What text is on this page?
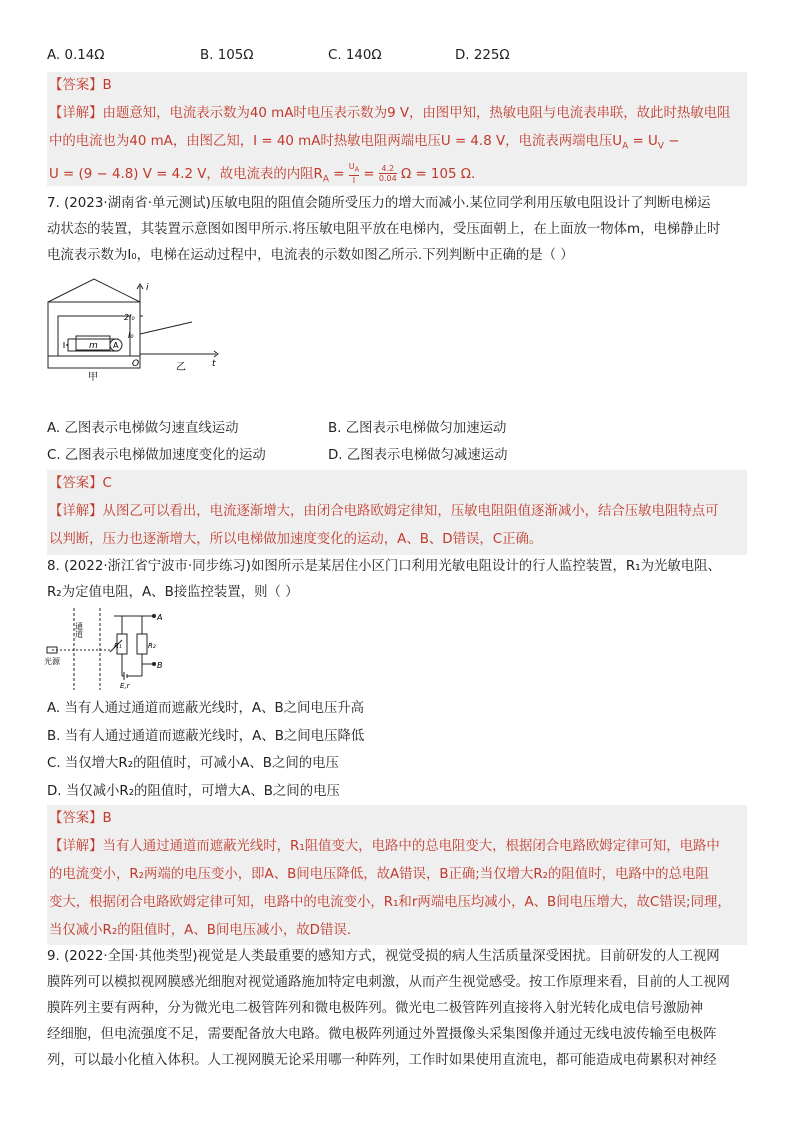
A. 0.14Ω	B. 105Ω	C. 140Ω	D. 225Ω
【答案】B
【详解】由题意知，电流表示数为40 mA时电压表示数为9 V，由图甲知，热敏电阻与电流表串联，故此时热敏电阻
中的电流也为40 mA，由图乙知，I = 40 mA时热敏电阻两端电压U = 4.8 V，电流表两端电压$U_A = U_V$ −
U = (9 − 4.8) V = 4.2 V，故电流表的内阻$R_A = \frac{U_A}{I} = \frac{4.2}{0.04}$ Ω = 105 Ω.
7. (2023·湖南省·单元测试)压敏电阻的阻值会随所受压力的增大而减小.某位同学利用压敏电阻设计了判断电梯运
动状态的装置，其装置示意图如图甲所示.将压敏电阻平放在电梯内，受压面朝上，在上面放一物体m，电梯静止时
电流表示数为I₀，电梯在运动过程中，电流表的示数如图乙所示.下列判断中正确的是（ ）
m A
甲
i
t
O
2I₀
I₀
乙
A. 乙图表示电梯做匀速直线运动	B. 乙图表示电梯做匀加速运动
C. 乙图表示电梯做加速度变化的运动	D. 乙图表示电梯做匀减速运动
【答案】C
【详解】从图乙可以看出，电流逐渐增大，由闭合电路欧姆定律知，压敏电阻阻值逐渐减小，结合压敏电阻特点可
以判断，压力也逐渐增大，所以电梯做加速度变化的运动，A、B、D错误，C正确。
8. (2022·浙江省宁波市·同步练习)如图所示是某居住小区门口利用光敏电阻设计的行人监控装置，R₁为光敏电阻、
R₂为定值电阻，A、B接监控装置，则（ ）
通道
光源
R₁	R₂
A
B
E,r
A. 当有人通过通道而遮蔽光线时，A、B之间电压升高
B. 当有人通过通道而遮蔽光线时，A、B之间电压降低
C. 当仅增大R₂的阻值时，可减小A、B之间的电压
D. 当仅减小R₂的阻值时，可增大A、B之间的电压
【答案】B
【详解】当有人通过通道而遮蔽光线时，R₁阻值变大，电路中的总电阻变大，根据闭合电路欧姆定律可知，电路中
的电流变小，R₂两端的电压变小，即A、B间电压降低，故A错误，B正确;当仅增大R₂的阻值时，电路中的总电阻
变大，根据闭合电路欧姆定律可知，电路中的电流变小，R₁和r两端电压均减小，A、B间电压增大，故C错误;同理，
当仅减小R₂的阻值时，A、B间电压减小，故D错误.
9. (2022·全国·其他类型)视觉是人类最重要的感知方式，视觉受损的病人生活质量深受困扰。目前研发的人工视网
膜阵列可以模拟视网膜感光细胞对视觉通路施加特定电刺激，从而产生视觉感受。按工作原理来看，目前的人工视网
膜阵列主要有两种，分为微光电二极管阵列和微电极阵列。微光电二极管阵列直接将入射光转化成电信号激励神
经细胞，但电流强度不足，需要配备放大电路。微电极阵列通过外置摄像头采集图像并通过无线电波传输至电极阵
列，可以最小化植入体积。人工视网膜无论采用哪一种阵列，工作时如果使用直流电，都可能造成电荷累积对神经
